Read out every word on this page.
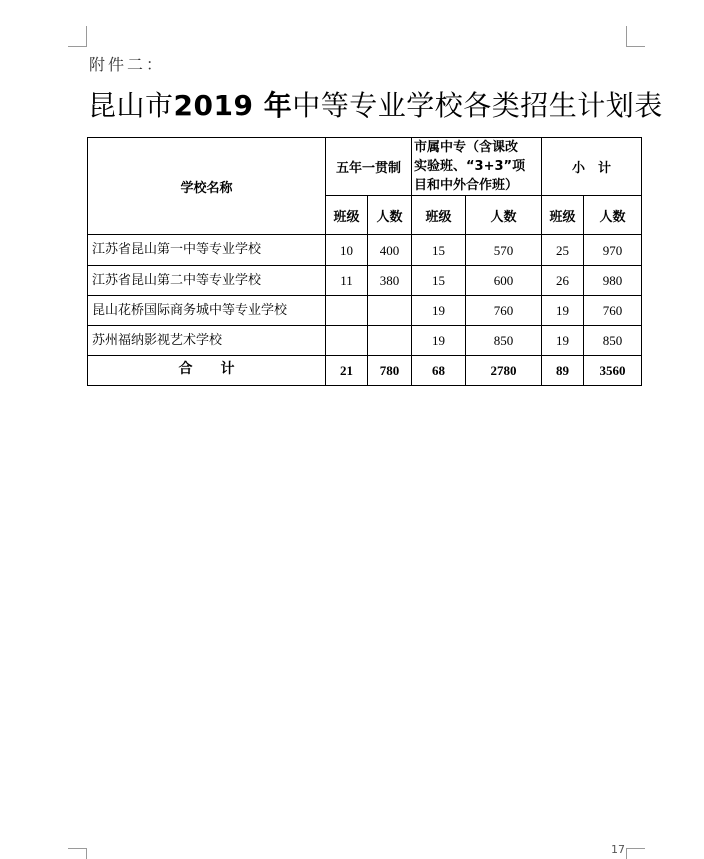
附件二：
昆山市2019 年中等专业学校各类招生计划表
学校名称	五年一贯制		市属中专（含课改
实验班、“3+3”项
目和中外合作班）		小　计	
	班级	人数	班级	人数	班级	人数
江苏省昆山第一中等专业学校	10	400	15	570	25	970
江苏省昆山第二中等专业学校	11	380	15	600	26	980
昆山花桥国际商务城中等专业学校			19	760	19	760
苏州福纳影视艺术学校			19	850	19	850
合　　计	21	780	68	2780	89	3560
17
